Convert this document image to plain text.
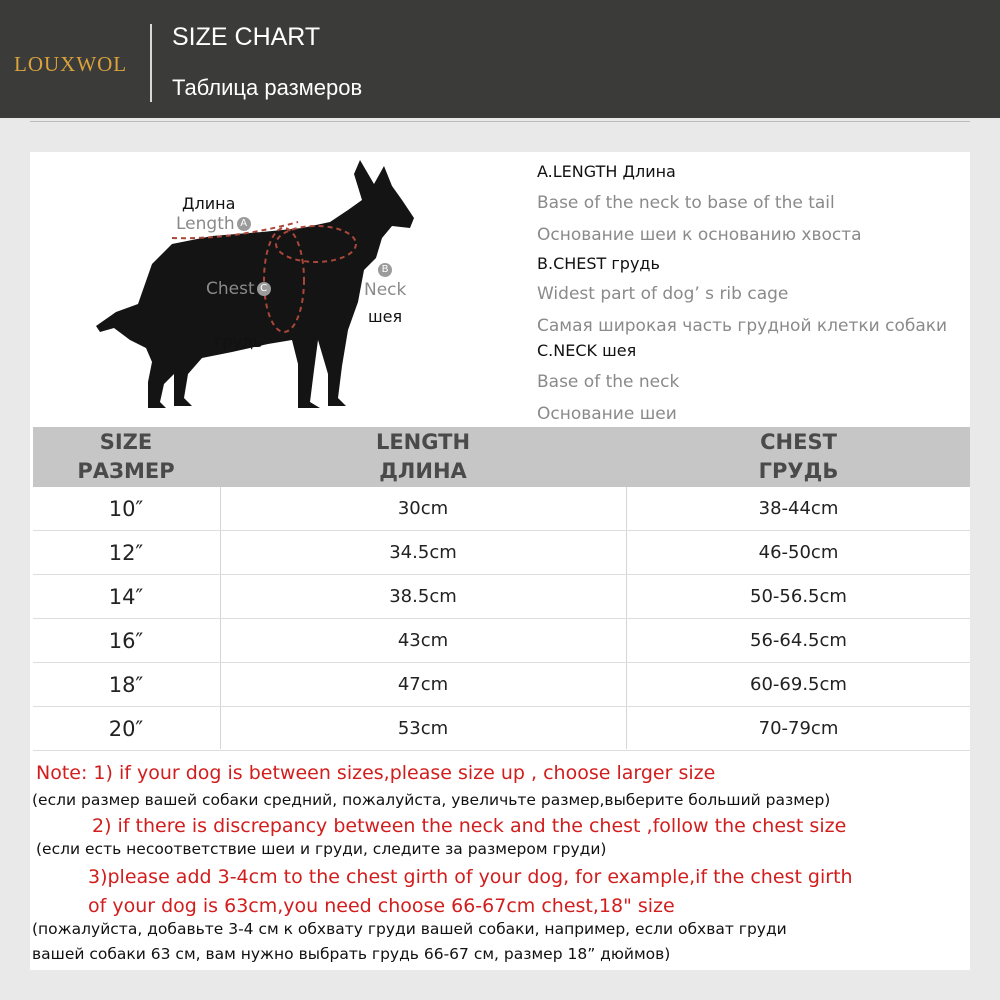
LOUXWOL
SIZE CHART
Таблица размеров
Длина
Length A
Chest C
грудь
B
Neck
шея
A.LENGTH Длина
Base of the neck to base of the tail
Основание шеи к основанию хвоста
B.CHEST грудь
Widest part of dog’ s rib cage
Самая широкая часть грудной клетки собаки
C.NECK шея
Base of the neck
Основание шеи
SIZE
РАЗМЕР
LENGTH
ДЛИНА
CHEST
ГРУДЬ
10″	30cm	38-44cm
12″	34.5cm	46-50cm
14″	38.5cm	50-56.5cm
16″	43cm	56-64.5cm
18″	47cm	60-69.5cm
20″	53cm	70-79cm
Note: 1) if your dog is between sizes,please size up , choose larger size
(если размер вашей собаки средний, пожалуйста, увеличьте размер,выберите больший размер)
2) if there is discrepancy between the neck and the chest ,follow the chest size
(если есть несоответствие шеи и груди, следите за размером груди)
3)please add 3-4cm to the chest girth of your dog, for example,if the chest girth
of your dog is 63cm,you need choose 66-67cm chest,18" size
(пожалуйста, добавьте 3-4 см к обхвату груди вашей собаки, например, если обхват груди
вашей собаки 63 см, вам нужно выбрать грудь 66-67 см, размер 18” дюймов)
